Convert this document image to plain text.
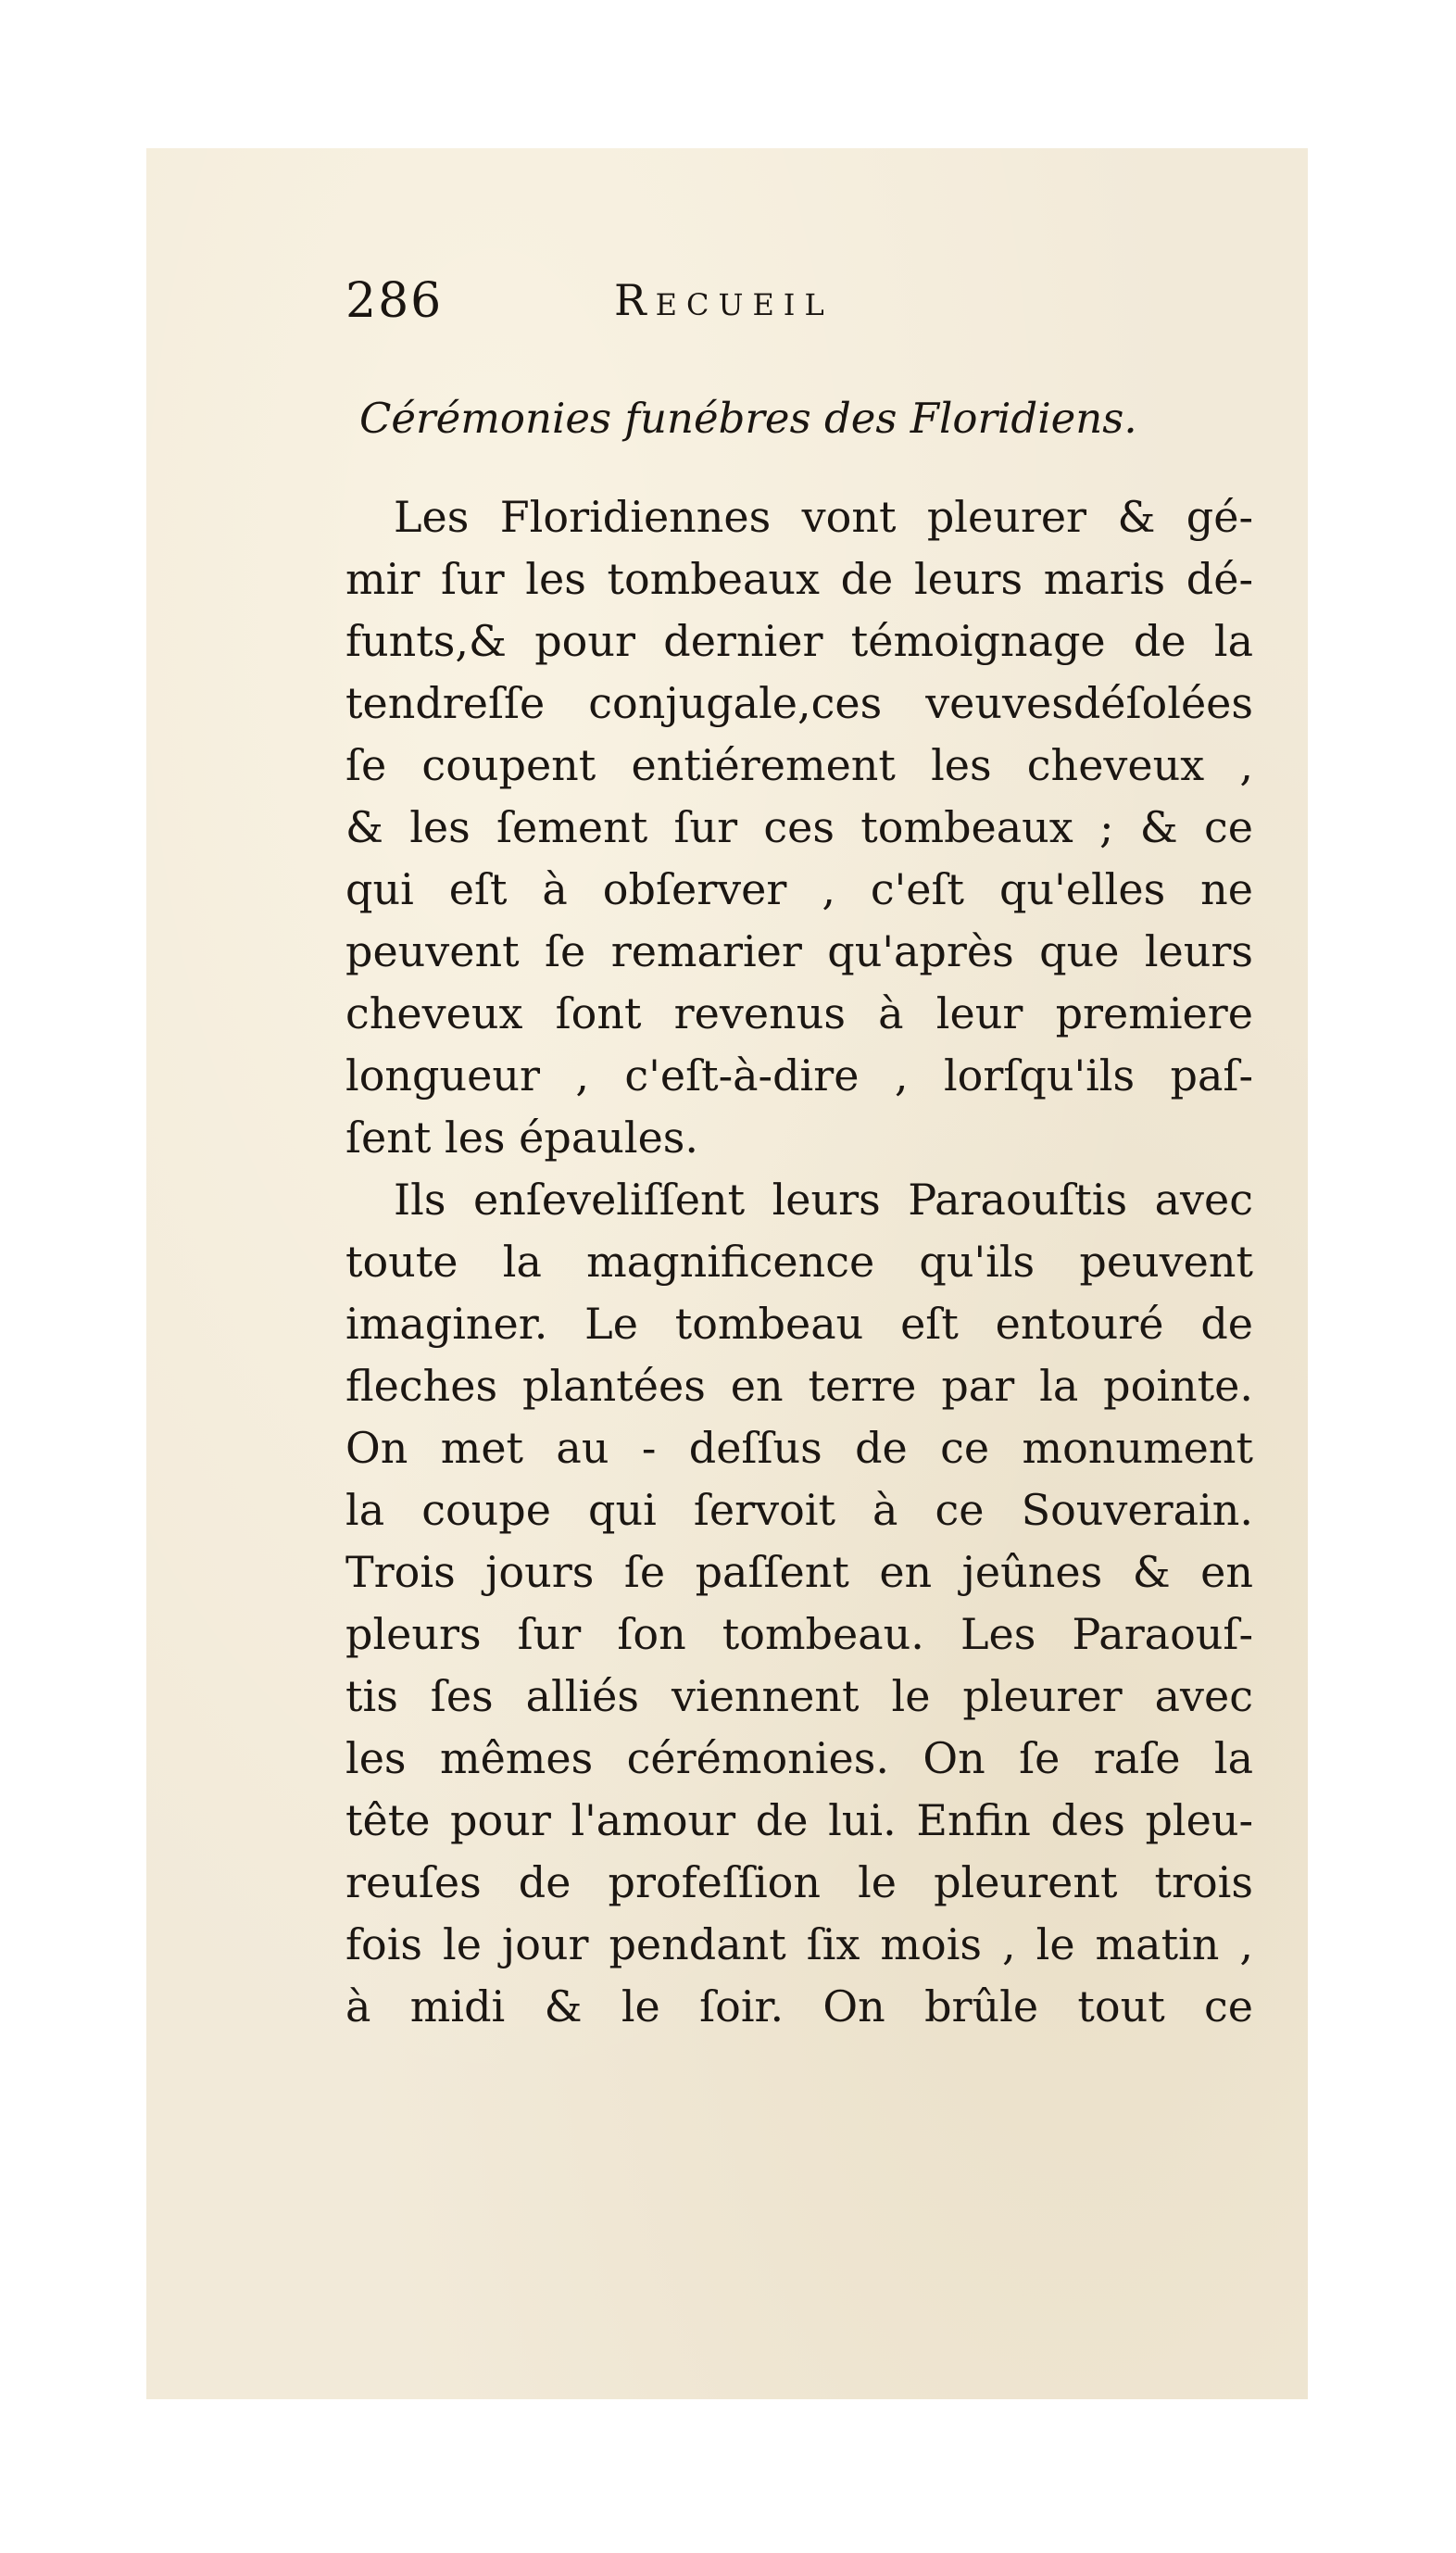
286	Recueil
Cérémonies funébres des Floridiens.
Les Floridiennes vont pleurer & gé-
mir ſur les tombeaux de leurs maris dé-
funts,& pour dernier témoignage de la
tendreſſe conjugale,ces veuvesdéſolées
ſe coupent entiérement les cheveux ,
& les ſement ſur ces tombeaux ; & ce
qui eſt à obſerver , c'eſt qu'elles ne
peuvent ſe remarier qu'après que leurs
cheveux ſont revenus à leur premiere
longueur , c'eſt-à-dire , lorſqu'ils paſ-
ſent les épaules.
Ils enſeveliſſent leurs Paraouſtis avec
toute la magnificence qu'ils peuvent
imaginer. Le tombeau eſt entouré de
fleches plantées en terre par la pointe.
On met au - deſſus de ce monument
la coupe qui ſervoit à ce Souverain.
Trois jours ſe paſſent en jeûnes & en
pleurs ſur ſon tombeau. Les Paraouſ-
tis ſes alliés viennent le pleurer avec
les mêmes cérémonies. On ſe raſe la
tête pour l'amour de lui. Enfin des pleu-
reuſes de profeſſion le pleurent trois
fois le jour pendant ſix mois , le matin ,
à midi & le ſoir. On brûle tout ce
